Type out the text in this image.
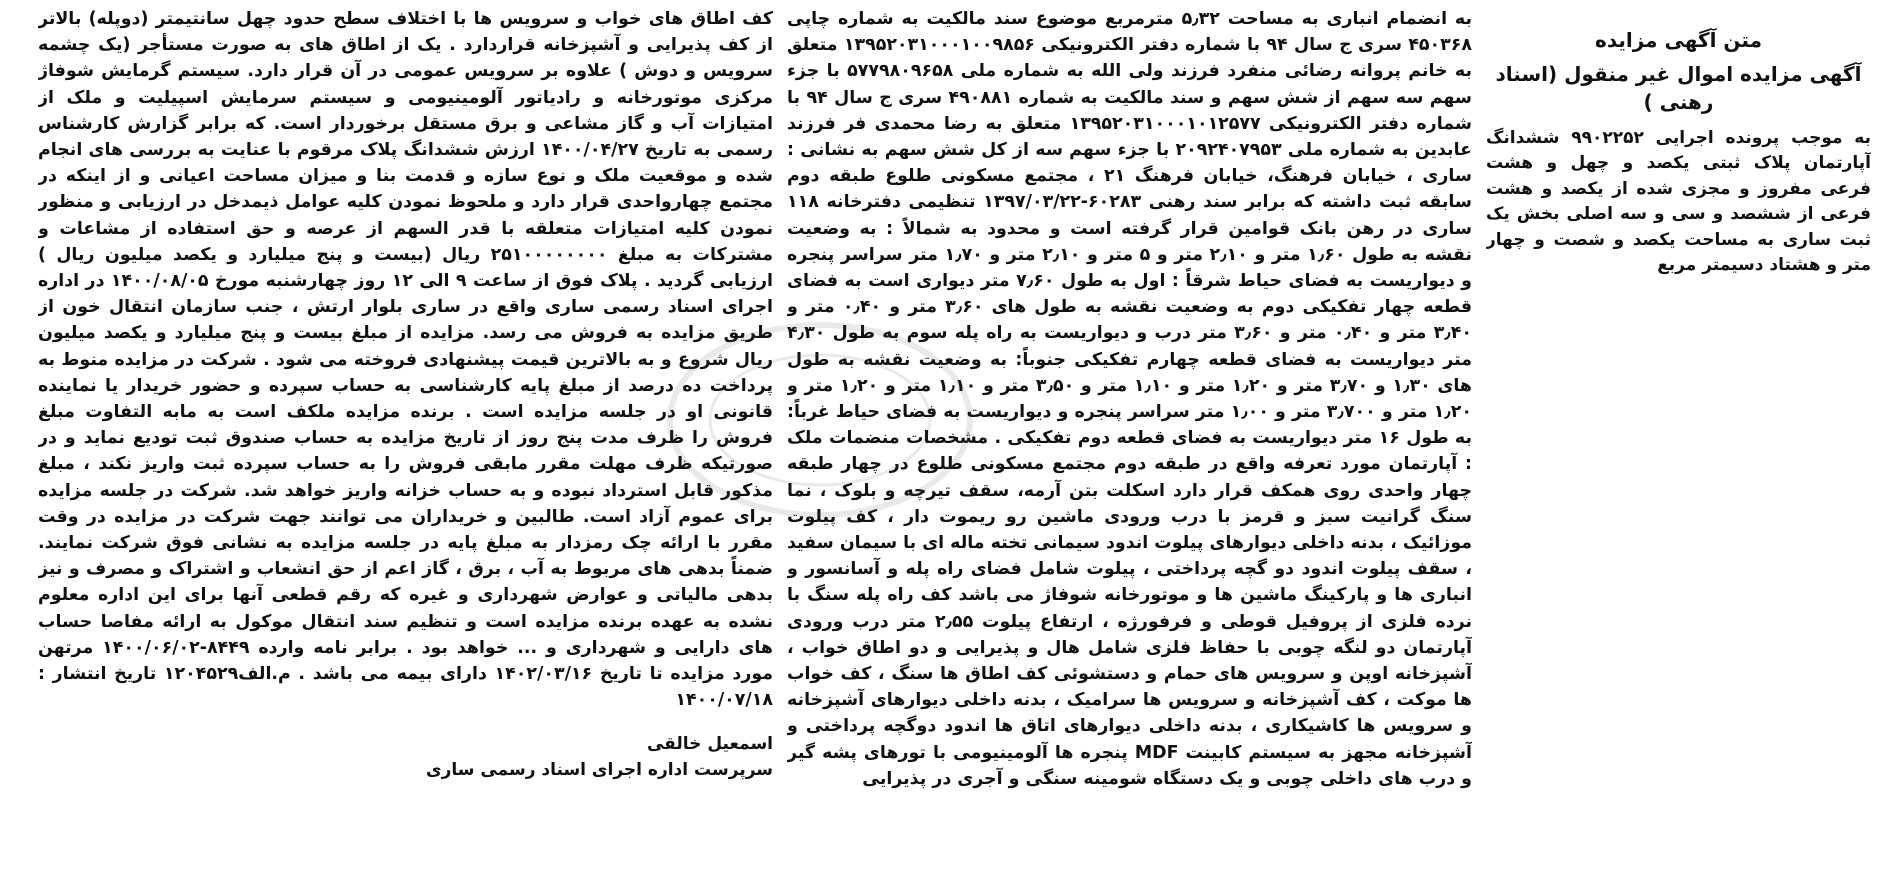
متن آگهی مزایده
آگهی مزایده اموال غیر منقول (اسناد رهنی )

به موجب پرونده اجرایی ۹۹۰۲۲۵۲ ششدانگ آپارتمان پلاک ثبتی یکصد و چهل و هشت فرعی مفروز و مجزی شده از یکصد و هشت فرعی از ششصد و سی و سه اصلی بخش یک ثبت ساری به مساحت یکصد و شصت و چهار متر و هشتاد دسیمتر مربع

به انضمام انباری به مساحت ۵٫۳۲ مترمربع موضوع سند مالکیت به شماره چاپی ۴۵۰۳۶۸ سری ج سال ۹۴ با شماره دفتر الکترونیکی ۱۳۹۵۲۰۳۱۰۰۰۱۰۰۹۸۵۶ متعلق به خانم پروانه رضائی منفرد فرزند ولی الله به شماره ملی ۵۷۷۹۸۰۹۶۵۸ با جزء سهم سه سهم از شش سهم و سند مالکیت به شماره ۴۹۰۸۸۱ سری ج سال ۹۴ با شماره دفتر الکترونیکی ۱۳۹۵۲۰۳۱۰۰۰۱۰۱۲۵۷۷ متعلق به رضا محمدی فر فرزند عابدین به شماره ملی ۲۰۹۲۴۰۷۹۵۳ با جزء سهم سه از کل شش سهم به نشانی : ساری ، خیابان فرهنگ، خیابان فرهنگ ۲۱ ، مجتمع مسکونی طلوع طبقه دوم سابقه ثبت داشته که برابر سند رهنی ۶۰۲۸۳-۱۳۹۷/۰۳/۲۲ تنظیمی دفترخانه ۱۱۸ ساری در رهن بانک قوامین قرار گرفته است و محدود به شمالاً : به وضعیت نقشه به طول ۱٫۶۰ متر و ۲٫۱۰ متر و ۵ متر و ۲٫۱۰ متر و ۱٫۷۰ متر سراسر پنجره و دیواریست به فضای حیاط شرقاً : اول به طول ۷٫۶۰ متر دیواری است به فضای قطعه چهار تفکیکی دوم به وضعیت نقشه به طول های ۳٫۶۰ متر و ۰٫۴۰ متر و ۳٫۴۰ متر و ۰٫۴۰ متر و ۳٫۶۰ متر درب و دیواریست به راه پله سوم به طول ۴٫۳۰ متر دیواریست به فضای قطعه چهارم تفکیکی جنوباً: به وضعیت نقشه به طول های ۱٫۳۰ و ۳٫۷۰ متر و ۱٫۲۰ متر و ۱٫۱۰ متر و ۳٫۵۰ متر و ۱٫۱۰ متر و ۱٫۲۰ متر و ۱٫۲۰ متر و ۳٫۷۰۰ متر و ۱٫۰۰ متر سراسر پنجره و دیواریست به فضای حیاط غرباً: به طول ۱۶ متر دیواریست به فضای قطعه دوم تفکیکی . مشخصات منضمات ملک : آپارتمان مورد تعرفه واقع در طبقه دوم مجتمع مسکونی طلوع در چهار طبقه چهار واحدی روی همکف قرار دارد اسکلت بتن آرمه، سقف تیرچه و بلوک ، نما سنگ گرانیت سبز و قرمز با درب ورودی ماشین رو ریموت دار ، کف پیلوت موزائیک ، بدنه داخلی دیوارهای پیلوت اندود سیمانی تخته ماله ای با سیمان سفید ، سقف پیلوت اندود دو گچه پرداختی ، پیلوت شامل فضای راه پله و آسانسور و انباری ها و پارکینگ ماشین ها و موتورخانه شوفاژ می باشد کف راه پله سنگ با نرده فلزی از پروفیل قوطی و فرفورژه ، ارتفاع پیلوت ۲٫۵۵ متر درب ورودی آپارتمان دو لنگه چوبی با حفاظ فلزی شامل هال و پذیرایی و دو اطاق خواب ، آشپزخانه اوپن و سرویس های حمام و دستشوئی کف اطاق ها سنگ ، کف خواب ها موکت ، کف آشپزخانه و سرویس ها سرامیک ، بدنه داخلی دیوارهای آشپزخانه و سرویس ها کاشیکاری ، بدنه داخلی دیوارهای اتاق ها اندود دوگچه پرداختی و آشپزخانه مجهز به سیستم کابینت MDF پنجره ها آلومینیومی با تورهای پشه گیر و درب های داخلی چوبی و یک دستگاه شومینه سنگی و آجری در پذیرایی

کف اطاق های خواب و سرویس ها با اختلاف سطح حدود چهل سانتیمتر (دوپله) بالاتر از کف پذیرایی و آشپزخانه قراردارد . یک از اطاق های به صورت مستأجر (یک چشمه سرویس و دوش ) علاوه بر سرویس عمومی در آن قرار دارد. سیستم گرمایش شوفاژ مرکزی موتورخانه و رادیاتور آلومینیومی و سیستم سرمایش اسپیلیت و ملک از امتیازات آب و گاز مشاعی و برق مستقل برخوردار است. که برابر گزارش کارشناس رسمی به تاریخ ۱۴۰۰/۰۴/۲۷ ارزش ششدانگ پلاک مرقوم با عنایت به بررسی های انجام شده و موقعیت ملک و نوع سازه و قدمت بنا و میزان مساحت اعیانی و از اینکه در مجتمع چهارواحدی قرار دارد و ملحوظ نمودن کلیه عوامل ذیمدخل در ارزیابی و منظور نمودن کلیه امتیازات متعلقه با قدر السهم از عرصه و حق استفاده از مشاعات و مشترکات به مبلغ ۲۵۱۰۰۰۰۰۰۰۰ ریال (بیست و پنج میلیارد و یکصد میلیون ریال ) ارزیابی گردید . پلاک فوق از ساعت ۹ الی ۱۲ روز چهارشنبه مورخ ۱۴۰۰/۰۸/۰۵ در اداره اجرای اسناد رسمی ساری واقع در ساری بلوار ارتش ، جنب سازمان انتقال خون از طریق مزایده به فروش می رسد. مزایده از مبلغ بیست و پنج میلیارد و یکصد میلیون ریال شروع و به بالاترین قیمت پیشنهادی فروخته می شود . شرکت در مزایده منوط به پرداخت ده درصد از مبلغ پایه کارشناسی به حساب سپرده و حضور خریدار یا نماینده قانونی او در جلسه مزایده است . برنده مزایده ملکف است به مابه التفاوت مبلغ فروش را ظرف مدت پنج روز از تاریخ مزایده به حساب صندوق ثبت تودیع نماید و در صورتیکه ظرف مهلت مقرر مابقی فروش را به حساب سپرده ثبت واریز نکند ، مبلغ مذکور قابل استرداد نبوده و به حساب خزانه واریز خواهد شد. شرکت در جلسه مزایده برای عموم آزاد است. طالبین و خریداران می توانند جهت شرکت در مزایده در وقت مقرر با ارائه چک رمزدار به مبلغ پایه در جلسه مزایده به نشانی فوق شرکت نمایند. ضمناً بدهی های مربوط به آب ، برق ، گاز اعم از حق انشعاب و اشتراک و مصرف و نیز بدهی مالیاتی و عوارض شهرداری و غیره که رقم قطعی آنها برای این اداره معلوم نشده به عهده برنده مزایده است و تنظیم سند انتقال موکول به ارائه مفاصا حساب های دارایی و شهرداری و ... خواهد بود . برابر نامه وارده ۸۴۴۹-۱۴۰۰/۰۶/۰۲ مرتهن مورد مزایده تا تاریخ ۱۴۰۲/۰۳/۱۶ دارای بیمه می باشد . م.الف۱۲۰۴۵۲۹ تاریخ انتشار : ۱۴۰۰/۰۷/۱۸

اسمعیل خالقی
سرپرست اداره اجرای اسناد رسمی ساری
